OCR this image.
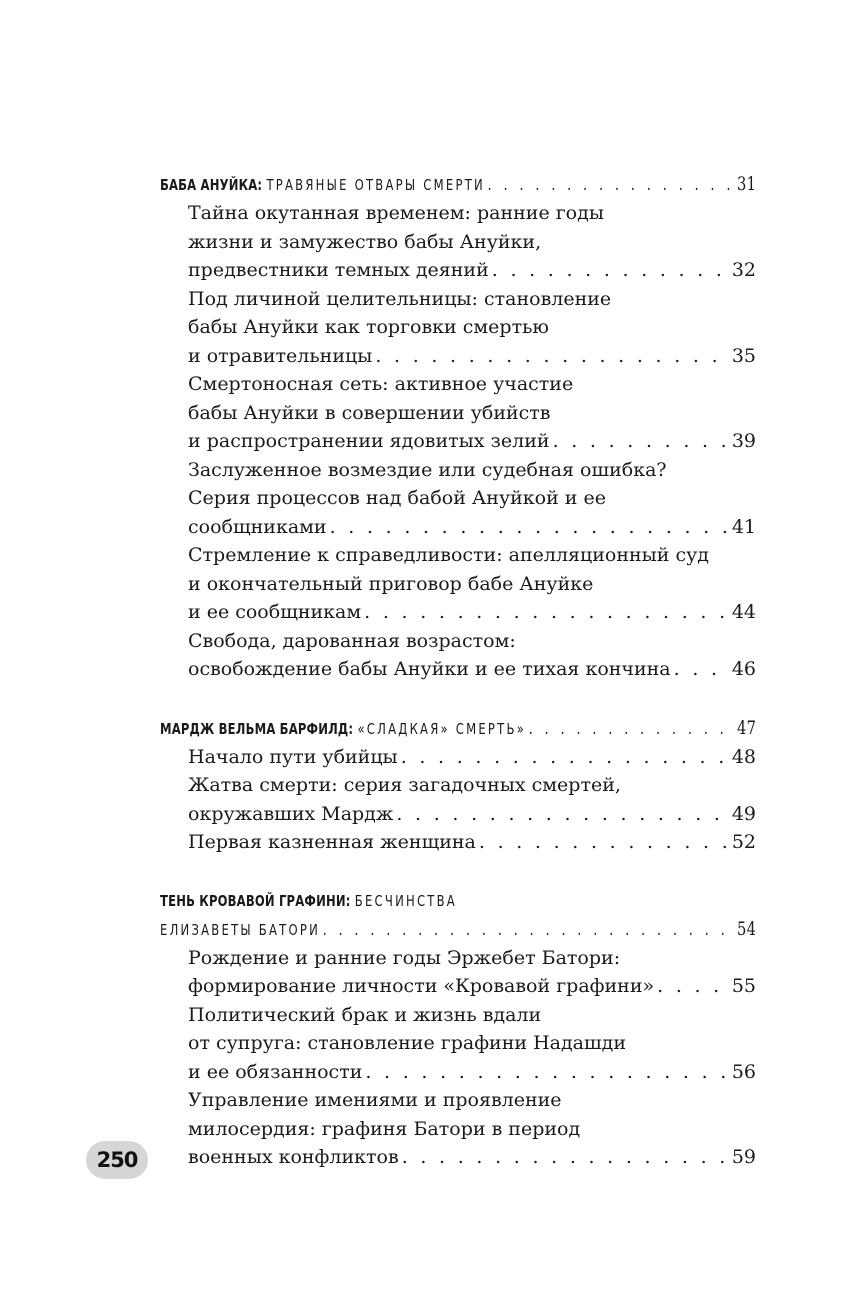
БАБА АНУЙКА:
ТРАВЯНЫЕ ОТВАРЫ СМЕРТИ . . .	31
Тайна окутанная временем: ранние годы
жизни и замужество бабы Ануйки,
предвестники темных деяний . . .	32
Под личиной целительницы: становление
бабы Ануйки как торговки смертью
и отравительницы . . .	35
Смертоносная сеть: активное участие
бабы Ануйки в совершении убийств
и распространении ядовитых зелий . . .	39
Заслуженное возмездие или судебная ошибка?
Серия процессов над бабой Ануйкой и ее
сообщниками . . .	41
Стремление к справедливости: апелляционный суд
и окончательный приговор бабе Ануйке
и ее сообщникам . . .	44
Свобода, дарованная возрастом:
освобождение бабы Ануйки и ее тихая кончина . . .	46
МАРДЖ ВЕЛЬМА БАРФИЛД:
«СЛАДКАЯ» СМЕРТЬ» . . .	47
Начало пути убийцы . . .	48
Жатва смерти: серия загадочных смертей,
окружавших Мардж . . .	49
Первая казненная женщина . . .	52
ТЕНЬ КРОВАВОЙ ГРАФИНИ: БЕСЧИНСТВА
ЕЛИЗАВЕТЫ БАТОРИ . . .	54
Рождение и ранние годы Эржебет Батори:
формирование личности «Кровавой графини» . . .	55
Политический брак и жизнь вдали
от супруга: становление графини Надашди
и ее обязанности . . .	56
Управление имениями и проявление
милосердия: графиня Батори в период
военных конфликтов . . .	59
250
